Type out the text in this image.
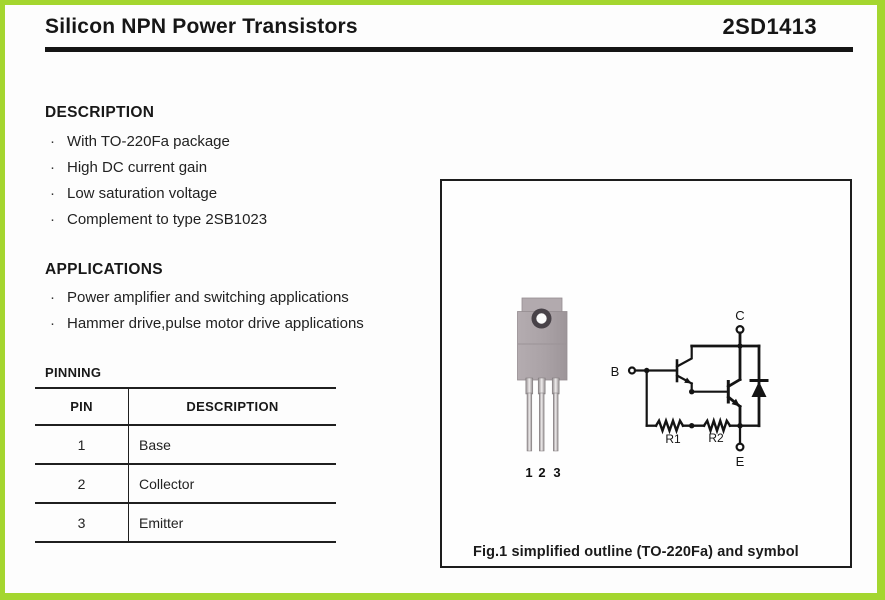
Silicon NPN Power Transistors	2SD1413
DESCRIPTION
· With TO-220Fa package
· High DC current gain
· Low saturation voltage
· Complement to type 2SB1023
APPLICATIONS
· Power amplifier and switching applications
· Hammer drive,pulse motor drive applications
PINNING
PIN	DESCRIPTION
1	Base
2	Collector
3	Emitter
1 2 3
B
C
E
R1 R2
Fig.1 simplified outline (TO-220Fa) and symbol
